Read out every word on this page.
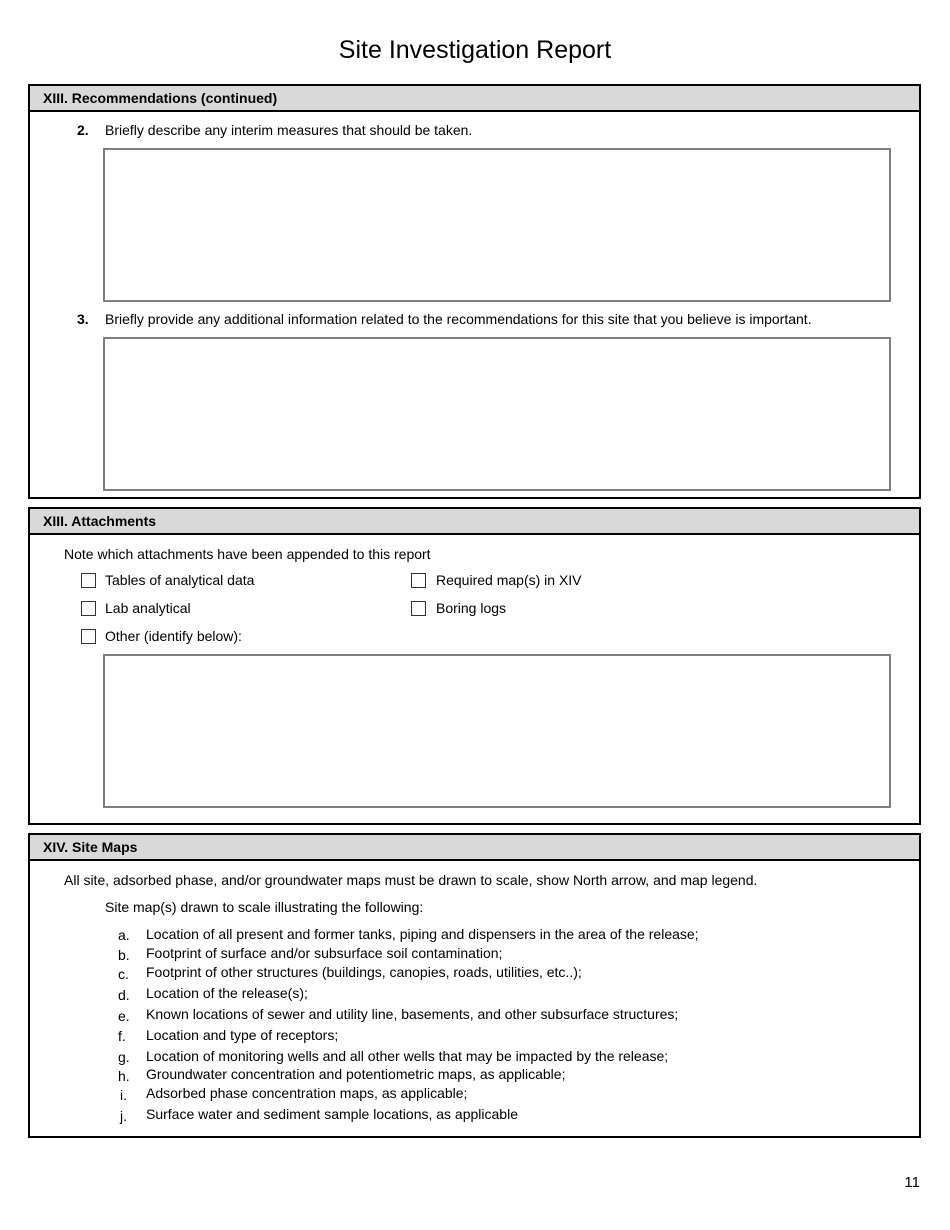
Site Investigation Report
XIII. Recommendations (continued)
2. Briefly describe any interim measures that should be taken.
3. Briefly provide any additional information related to the recommendations for this site that you believe is important.
XIII. Attachments
Note which attachments have been appended to this report
Tables of analytical data	Required map(s) in XIV
Lab analytical	Boring logs
Other (identify below):
XIV. Site Maps
All site, adsorbed phase, and/or groundwater maps must be drawn to scale, show North arrow, and map legend.
Site map(s) drawn to scale illustrating the following:
a. Location of all present and former tanks, piping and dispensers in the area of the release;
b. Footprint of surface and/or subsurface soil contamination;
c. Footprint of other structures (buildings, canopies, roads, utilities, etc..);
d. Location of the release(s);
e. Known locations of sewer and utility line, basements, and other subsurface structures;
f. Location and type of receptors;
g. Location of monitoring wells and all other wells that may be impacted by the release;
h. Groundwater concentration and potentiometric maps, as applicable;
i. Adsorbed phase concentration maps, as applicable;
j. Surface water and sediment sample locations, as applicable
11
